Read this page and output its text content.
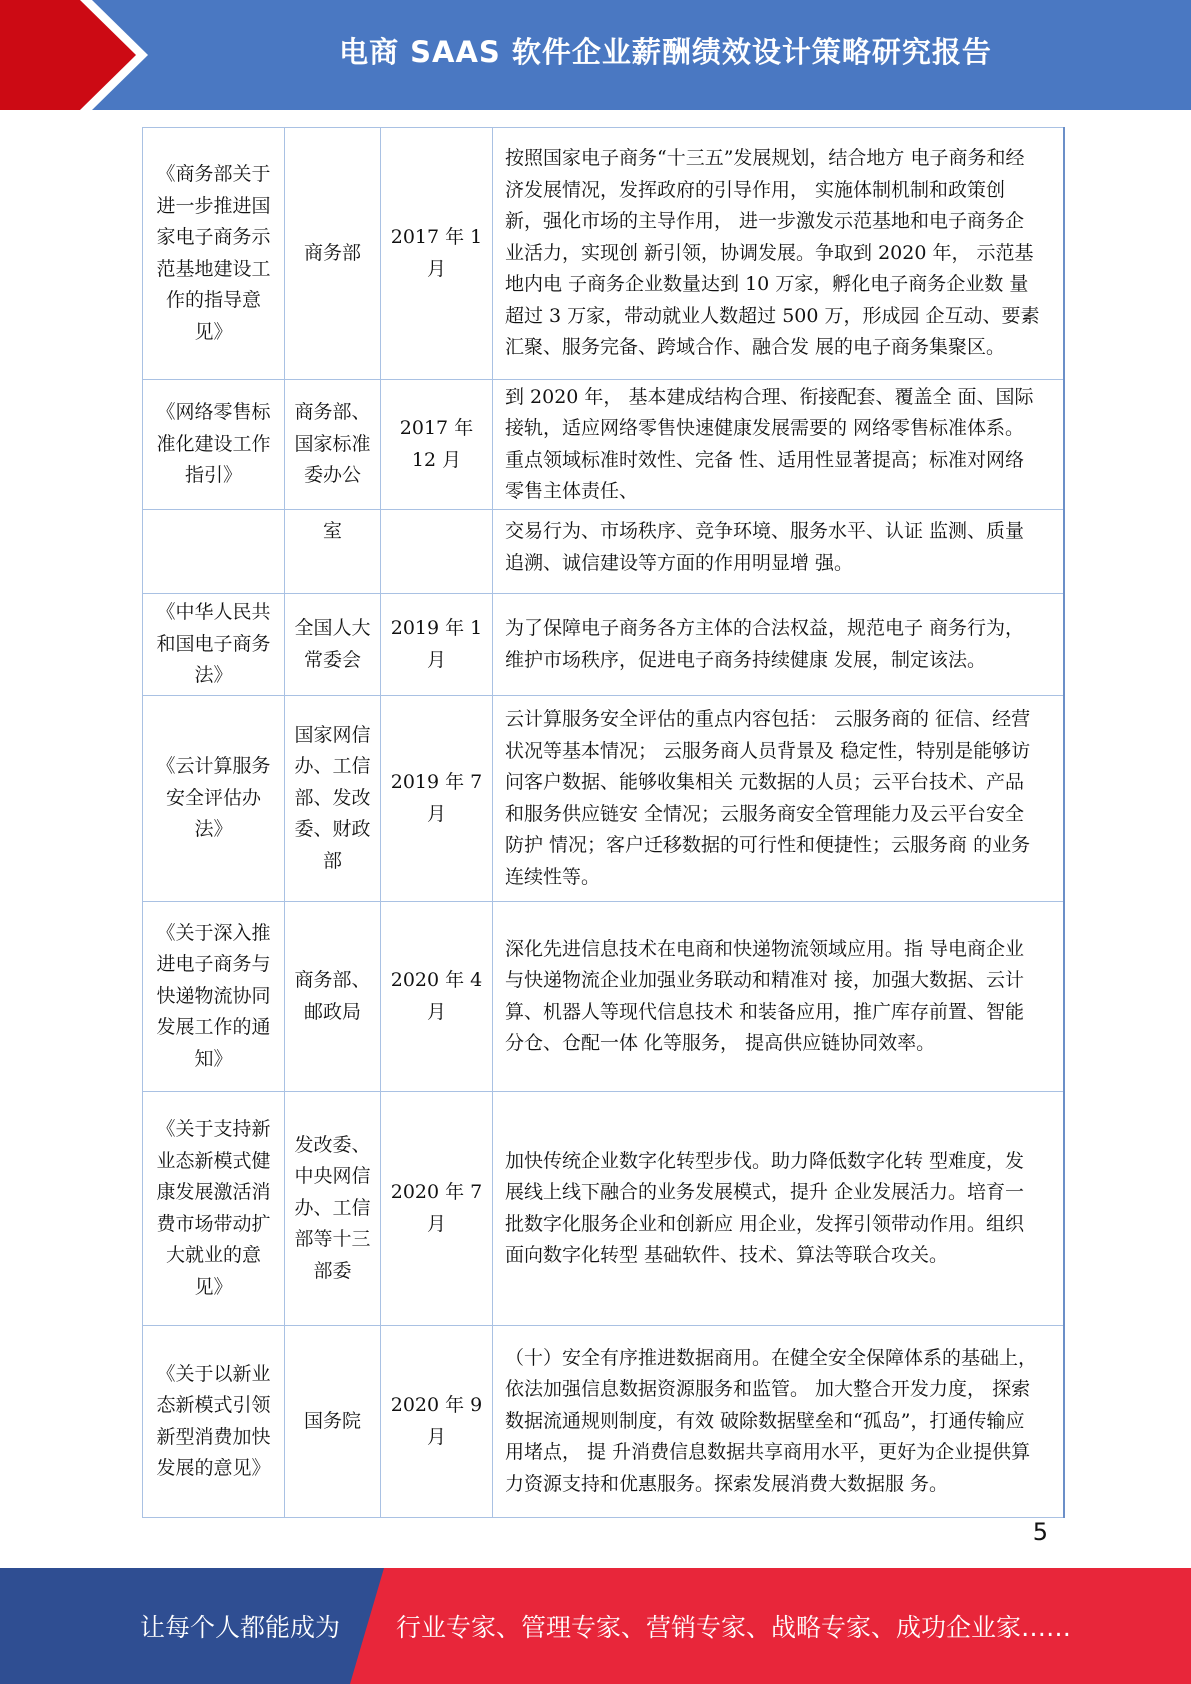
电商 SAAS 软件企业薪酬绩效设计策略研究报告
《商务部关于进一步推进国家电子商务示范基地建设工作的指导意见》	商务部	2017 年 1 月	按照国家电子商务“十三五”发展规划，结合地方 电子商务和经济发展情况，发挥政府的引导作用， 实施体制机制和政策创新，强化市场的主导作用， 进一步激发示范基地和电子商务企业活力，实现创 新引领，协调发展。争取到 2020 年， 示范基地内电 子商务企业数量达到 10 万家，孵化电子商务企业数 量超过 3 万家，带动就业人数超过 500 万，形成园 企互动、要素汇聚、服务完备、跨域合作、融合发 展的电子商务集聚区。
《网络零售标准化建设工作指引》	商务部、国家标准委办公	2017 年 12 月	到 2020 年， 基本建成结构合理、衔接配套、覆盖全 面、国际接轨，适应网络零售快速健康发展需要的 网络零售标准体系。重点领域标准时效性、完备 性、适用性显著提高；标准对网络零售主体责任、
	室		交易行为、市场秩序、竞争环境、服务水平、认证 监测、质量追溯、诚信建设等方面的作用明显增 强。
《中华人民共和国电子商务法》	全国人大常委会	2019 年 1 月	为了保障电子商务各方主体的合法权益，规范电子 商务行为， 维护市场秩序，促进电子商务持续健康 发展，制定该法。
《云计算服务安全评估办法》	国家网信办、工信部、发改委、财政部	2019 年 7 月	云计算服务安全评估的重点内容包括： 云服务商的 征信、经营状况等基本情况； 云服务商人员背景及 稳定性，特别是能够访问客户数据、能够收集相关 元数据的人员；云平台技术、产品和服务供应链安 全情况；云服务商安全管理能力及云平台安全防护 情况；客户迁移数据的可行性和便捷性；云服务商 的业务连续性等。
《关于深入推进电子商务与快递物流协同发展工作的通知》	商务部、邮政局	2020 年 4 月	深化先进信息技术在电商和快递物流领域应用。指 导电商企业与快递物流企业加强业务联动和精准对 接，加强大数据、云计算、机器人等现代信息技术 和装备应用，推广库存前置、智能分仓、仓配一体 化等服务， 提高供应链协同效率。
《关于支持新业态新模式健康发展激活消费市场带动扩大就业的意见》	发改委、中央网信办、工信部等十三部委	2020 年 7 月	加快传统企业数字化转型步伐。助力降低数字化转 型难度，发展线上线下融合的业务发展模式，提升 企业发展活力。培育一批数字化服务企业和创新应 用企业，发挥引领带动作用。组织面向数字化转型 基础软件、技术、算法等联合攻关。
《关于以新业态新模式引领新型消费加快发展的意见》	国务院	2020 年 9 月	（十）安全有序推进数据商用。在健全安全保障体系的基础上，依法加强信息数据资源服务和监管。 加大整合开发力度， 探索数据流通规则制度，有效 破除数据壁垒和“孤岛”，打通传输应用堵点， 提 升消费信息数据共享商用水平，更好为企业提供算 力资源支持和优惠服务。探索发展消费大数据服 务。
5
让每个人都能成为 行业专家、管理专家、营销专家、战略专家、成功企业家……
